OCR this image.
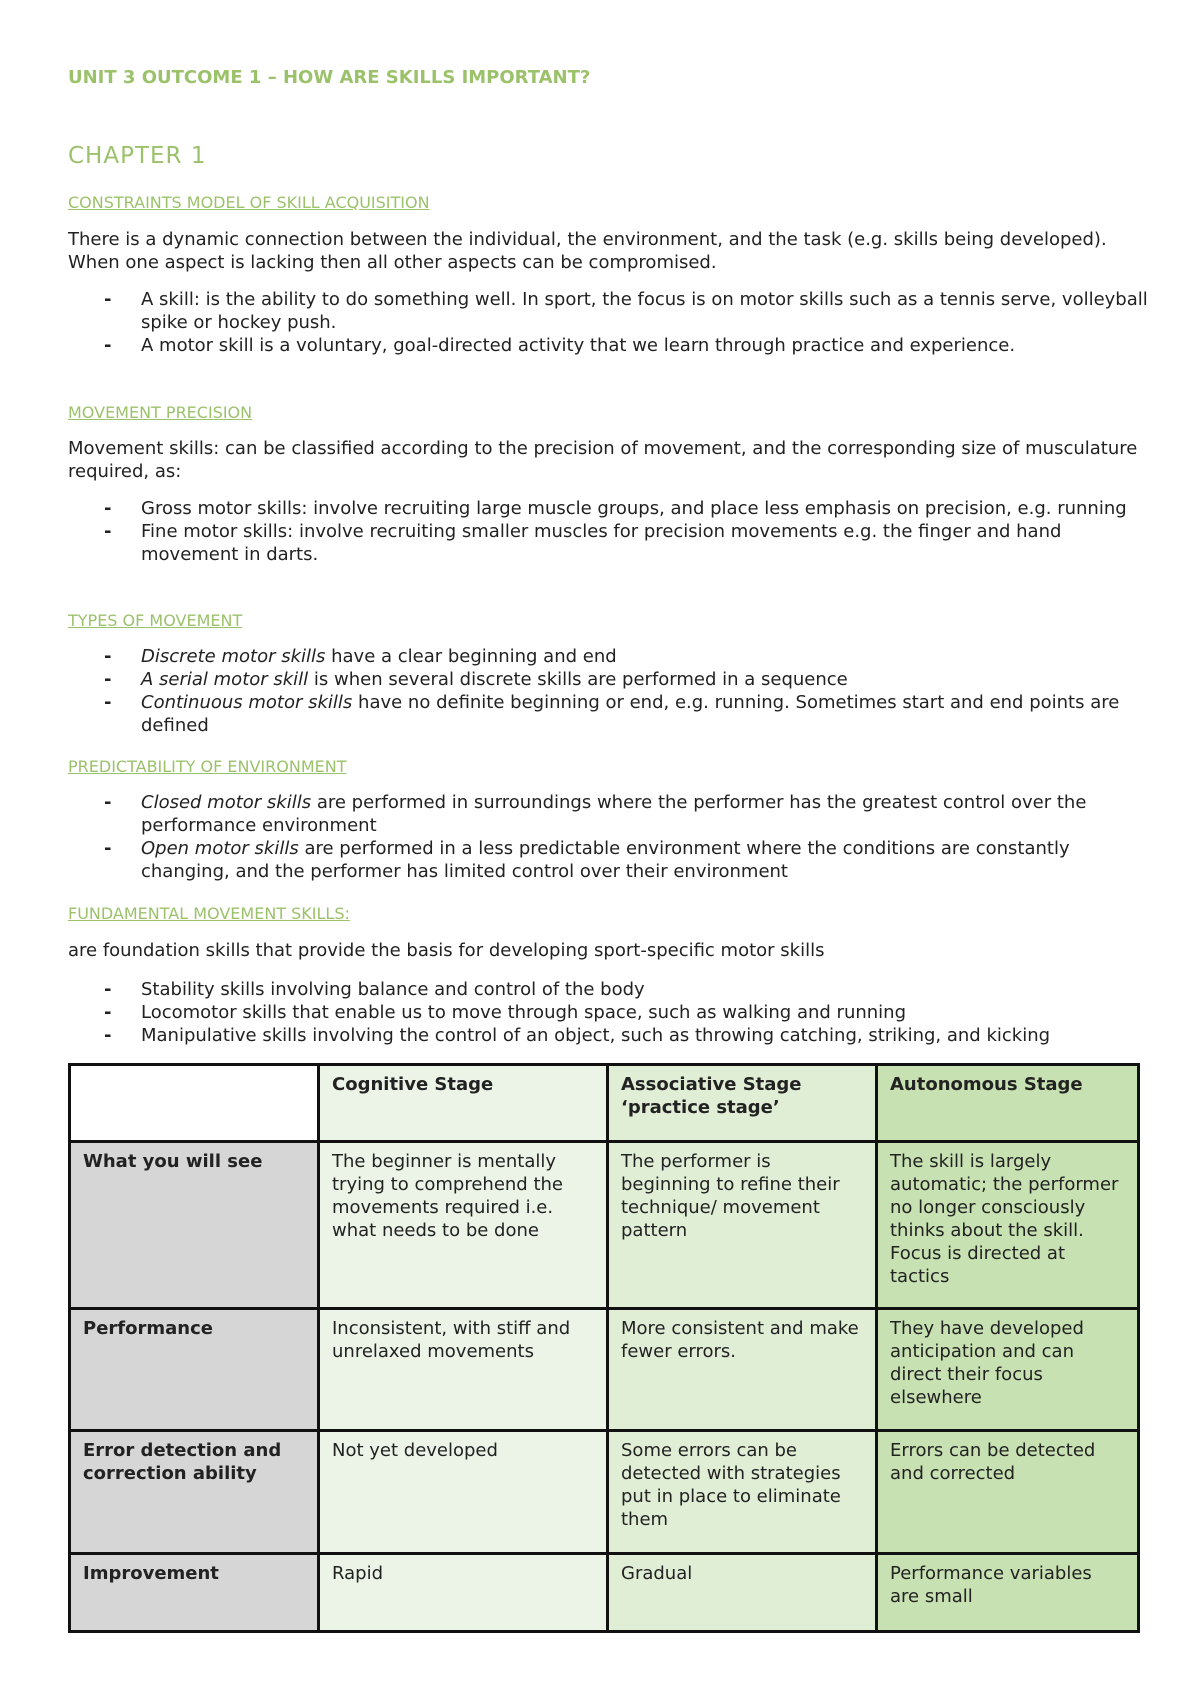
UNIT 3 OUTCOME 1 – HOW ARE SKILLS IMPORTANT?
CHAPTER 1
CONSTRAINTS MODEL OF SKILL ACQUISITION

There is a dynamic connection between the individual, the environment, and the task (e.g. skills being developed). When one aspect is lacking then all other aspects can be compromised.

- A skill: is the ability to do something well. In sport, the focus is on motor skills such as a tennis serve, volleyball spike or hockey push.
- A motor skill is a voluntary, goal-directed activity that we learn through practice and experience.
MOVEMENT PRECISION

Movement skills: can be classified according to the precision of movement, and the corresponding size of musculature required, as:

- Gross motor skills: involve recruiting large muscle groups, and place less emphasis on precision, e.g. running
- Fine motor skills: involve recruiting smaller muscles for precision movements e.g. the finger and hand movement in darts.
TYPES OF MOVEMENT
- Discrete motor skills have a clear beginning and end
- A serial motor skill is when several discrete skills are performed in a sequence
- Continuous motor skills have no definite beginning or end, e.g. running. Sometimes start and end points are defined
PREDICTABILITY OF ENVIRONMENT
- Closed motor skills are performed in surroundings where the performer has the greatest control over the performance environment
- Open motor skills are performed in a less predictable environment where the conditions are constantly changing, and the performer has limited control over their environment
FUNDAMENTAL MOVEMENT SKILLS:

are foundation skills that provide the basis for developing sport-specific motor skills

- Stability skills involving balance and control of the body
- Locomotor skills that enable us to move through space, such as walking and running
- Manipulative skills involving the control of an object, such as throwing catching, striking, and kicking
	Cognitive Stage	Associative Stage ‘practice stage’	Autonomous Stage
What you will see	The beginner is mentally trying to comprehend the movements required i.e. what needs to be done	The performer is beginning to refine their technique/ movement pattern	The skill is largely automatic; the performer no longer consciously thinks about the skill. Focus is directed at tactics
Performance	Inconsistent, with stiff and unrelaxed movements	More consistent and make fewer errors.	They have developed anticipation and can direct their focus elsewhere
Error detection and correction ability	Not yet developed	Some errors can be detected with strategies put in place to eliminate them	Errors can be detected and corrected
Improvement	Rapid	Gradual	Performance variables are small
